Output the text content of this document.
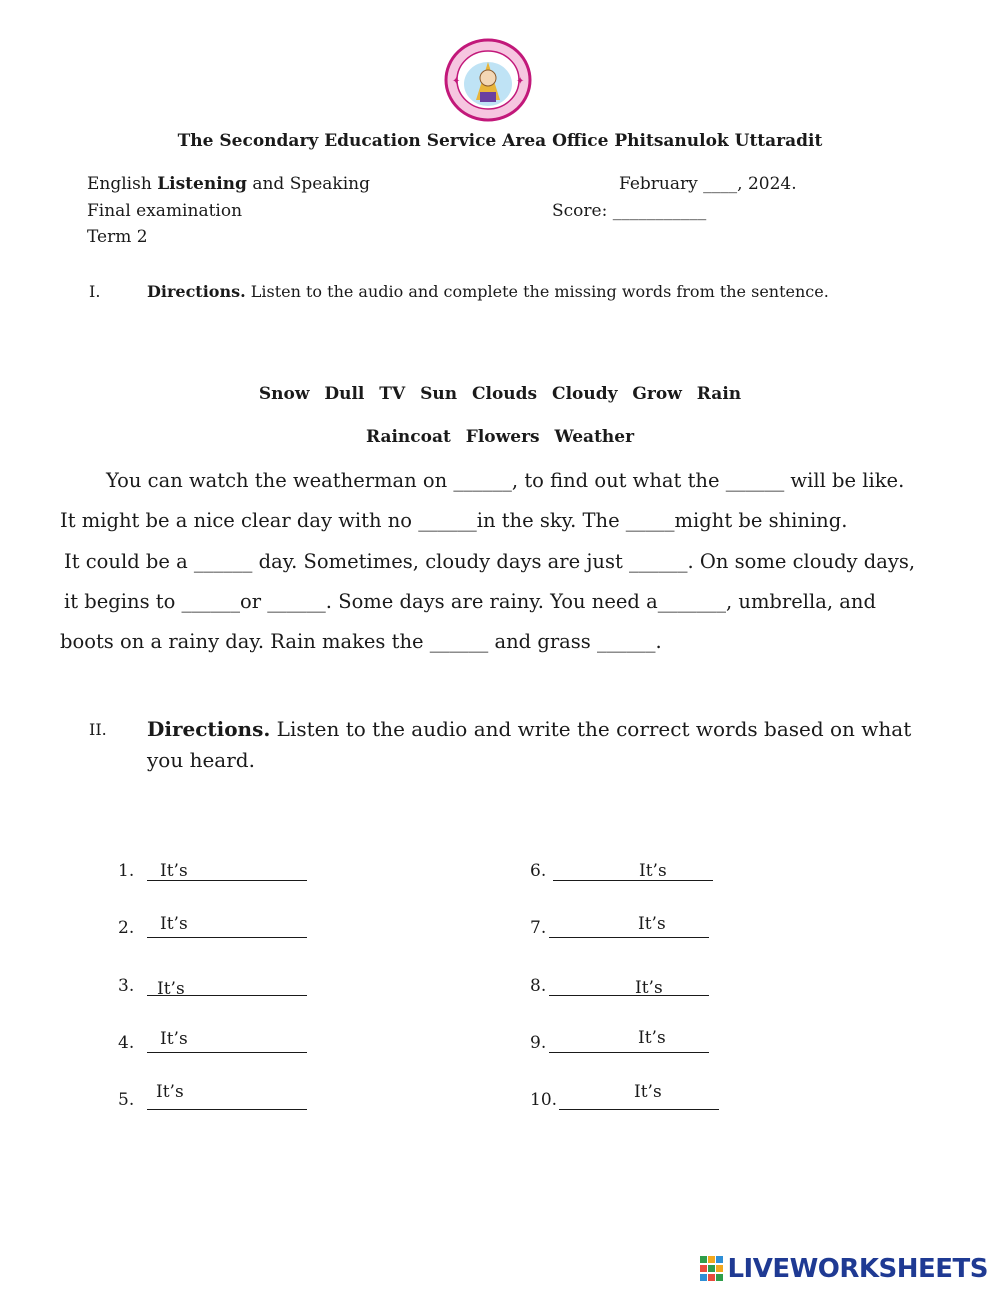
✦	✦
The Secondary Education Service Area Office Phitsanulok Uttaradit
English Listening and Speaking	February ____, 2024.
Final examination	Score: ___________
Term 2
I.	Directions. Listen to the audio and complete the missing words from the sentence.
Snow Dull TV Sun Clouds Cloudy Grow Rain
Raincoat Flowers Weather
You can watch the weatherman on ______, to find out what the ______ will be like.
It might be a nice clear day with no ______in the sky. The _____might be shining.
It could be a ______ day. Sometimes, cloudy days are just ______. On some cloudy days,
it begins to ______or ______. Some days are rainy. You need a_______, umbrella, and
boots on a rainy day. Rain makes the ______ and grass ______.
II. Directions. Listen to the audio and write the correct words based on what
you heard.
1. It’s
2. It’s
3. It’s
4. It’s
5. It’s
6.	It’s
7.	It’s
8.	It’s
9.	It’s
10.	It’s
LIVEWORKSHEETS
